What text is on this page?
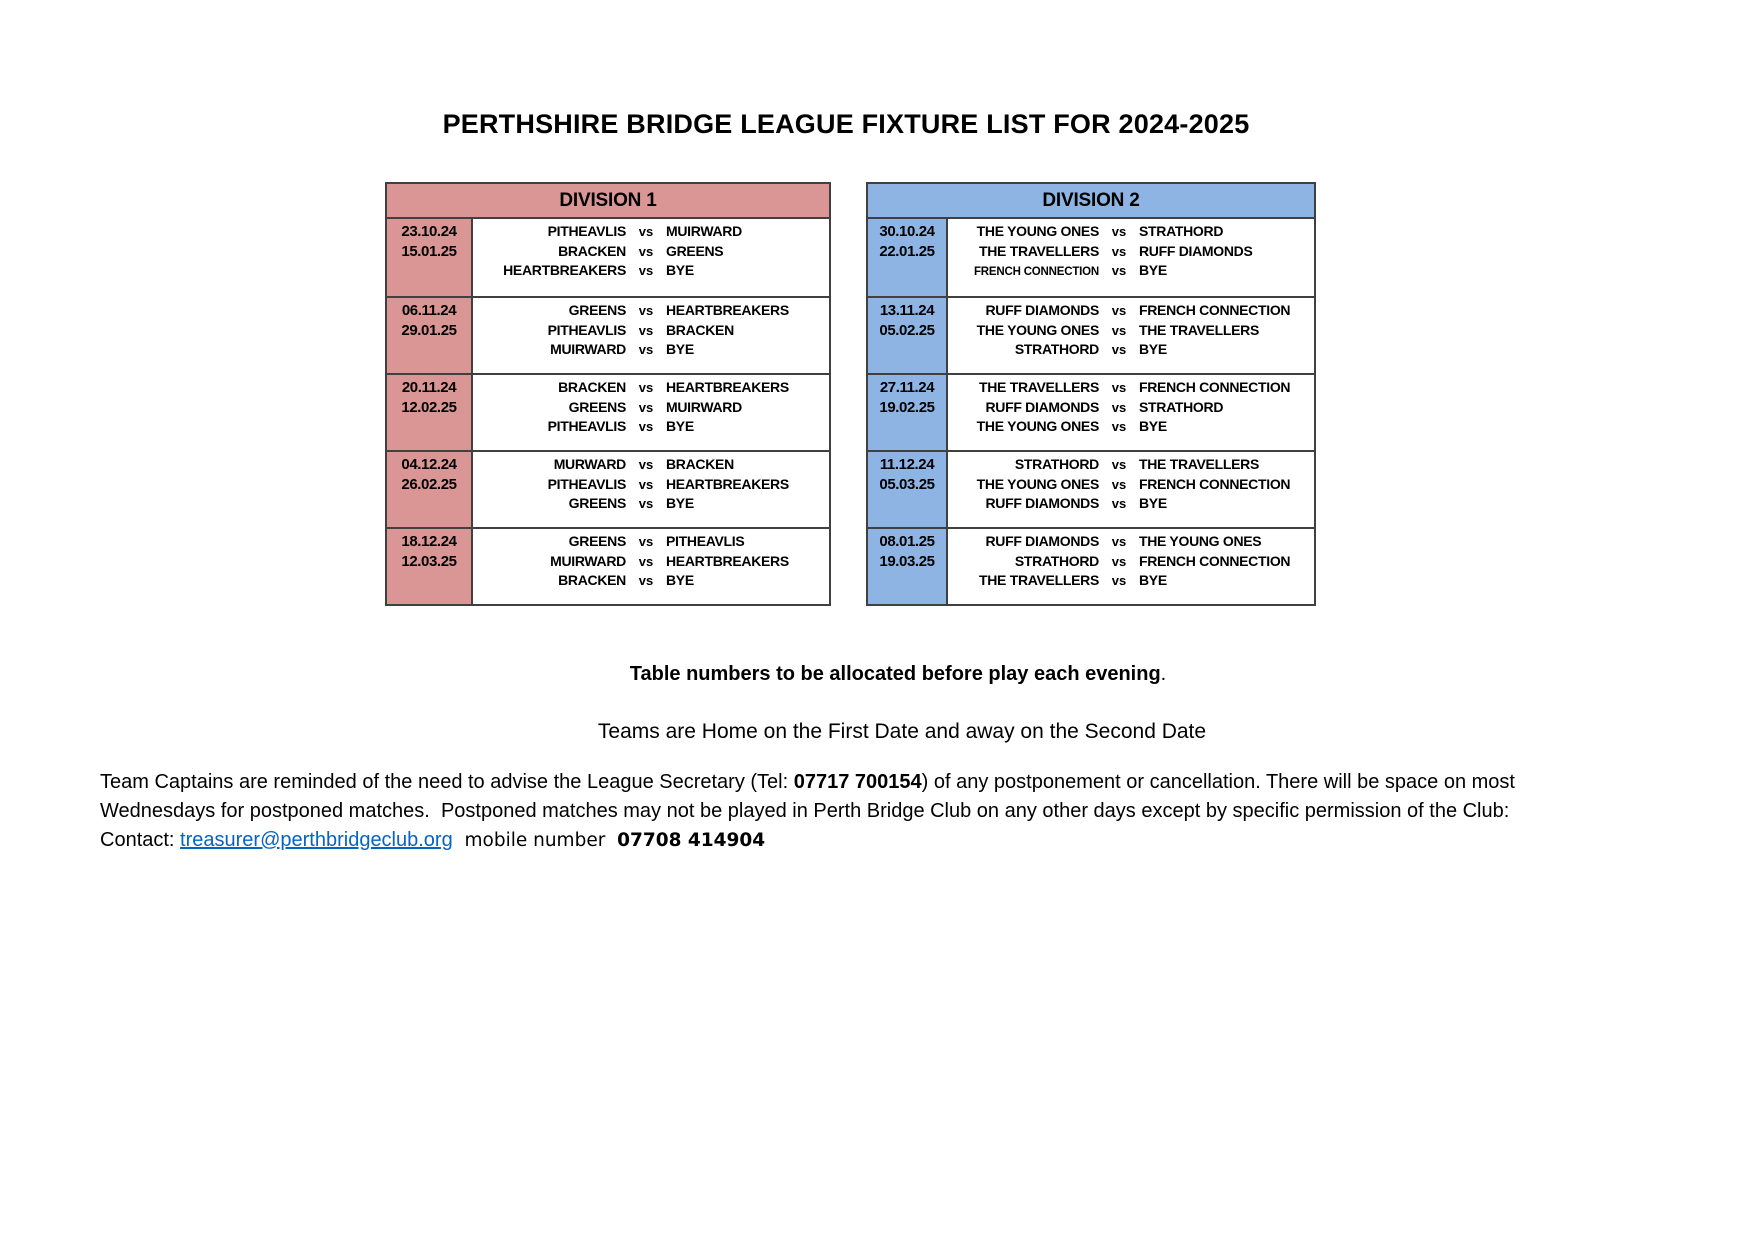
PERTHSHIRE BRIDGE LEAGUE FIXTURE LIST FOR 2024-2025
DIVISION 1
23.10.24
15.01.25
PITHEAVLIS vs MUIRWARD
BRACKEN vs GREENS
HEARTBREAKERS vs BYE
06.11.24
29.01.25
GREENS vs HEARTBREAKERS
PITHEAVLIS vs BRACKEN
MUIRWARD vs BYE
20.11.24
12.02.25
BRACKEN vs HEARTBREAKERS
GREENS vs MUIRWARD
PITHEAVLIS vs BYE
04.12.24
26.02.25
MURWARD vs BRACKEN
PITHEAVLIS vs HEARTBREAKERS
GREENS vs BYE
18.12.24
12.03.25
GREENS vs PITHEAVLIS
MUIRWARD vs HEARTBREAKERS
BRACKEN vs BYE
DIVISION 2
30.10.24
22.01.25
THE YOUNG ONES vs STRATHORD
THE TRAVELLERS vs RUFF DIAMONDS
FRENCH CONNECTION vs BYE
13.11.24
05.02.25
RUFF DIAMONDS vs FRENCH CONNECTION
THE YOUNG ONES vs THE TRAVELLERS
STRATHORD vs BYE
27.11.24
19.02.25
THE TRAVELLERS vs FRENCH CONNECTION
RUFF DIAMONDS vs STRATHORD
THE YOUNG ONES vs BYE
11.12.24
05.03.25
STRATHORD vs THE TRAVELLERS
THE YOUNG ONES vs FRENCH CONNECTION
RUFF DIAMONDS vs BYE
08.01.25
19.03.25
RUFF DIAMONDS vs THE YOUNG ONES
STRATHORD vs FRENCH CONNECTION
THE TRAVELLERS vs BYE
Table numbers to be allocated before play each evening.
Teams are Home on the First Date and away on the Second Date
Team Captains are reminded of the need to advise the League Secretary (Tel: 07717 700154) of any postponement or cancellation. There will be space on most
Wednesdays for postponed matches.  Postponed matches may not be played in Perth Bridge Club on any other days except by specific permission of the Club:
Contact: treasurer@perthbridgeclub.org  mobile number  07708 414904
